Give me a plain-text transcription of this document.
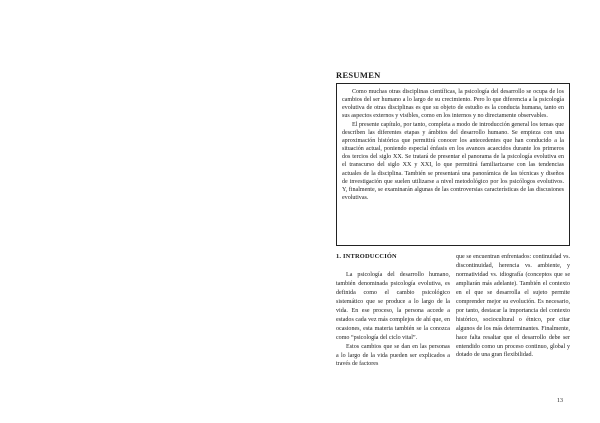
RESUMEN

Como muchas otras disciplinas científicas, la psicología del desarrollo se ocupa de los cambios del ser humano a lo largo de su crecimiento. Pero lo que diferencia a la psicología evolutiva de otras disciplinas es que su objeto de estudio es la conducta humana, tanto en sus aspectos externos y visibles, como en los internos y no directamente observables.

El presente capítulo, por tanto, completa a modo de introducción general los temas que describen las diferentes etapas y ámbitos del desarrollo humano. Se empieza con una aproximación histórica que permitirá conocer los antecedentes que han conducido a la situación actual, poniendo especial énfasis en los avances acaecidos durante los primeros dos tercios del siglo XX. Se tratará de presentar el panorama de la psicología evolutiva en el transcurso del siglo XX y XXI, lo que permitirá familiarizarse con las tendencias actuales de la disciplina. También se presentará una panorámica de las técnicas y diseños de investigación que suelen utilizarse a nivel metodológico por los psicólogos evolutivos. Y, finalmente, se examinarán algunas de las controversias características de las discusiones evolutivas.

1. INTRODUCCIÓN

La psicología del desarrollo humano, también denominada psicología evolutiva, es definida como el cambio psicológico sistemático que se produce a lo largo de la vida. En ese proceso, la persona accede a estados cada vez más complejos de ahí que, en ocasiones, esta materia también se la conozca como “psicología del ciclo vital”.

Estos cambios que se dan en las personas a lo largo de la vida pueden ser explicados a través de factores

que se encuentran enfrentados: continuidad vs. discontinuidad, herencia vs. ambiente, y normatividad vs. idiografía (conceptos que se ampliarán más adelante). También el contexto en el que se desarrolla el sujeto permite comprender mejor su evolución. Es necesario, por tanto, destacar la importancia del contexto histórico, sociocultural o étnico, por citar algunos de los más determinantes. Finalmente, hace falta resaltar que el desarrollo debe ser entendido como un proceso continuo, global y dotado de una gran flexibilidad.

13
